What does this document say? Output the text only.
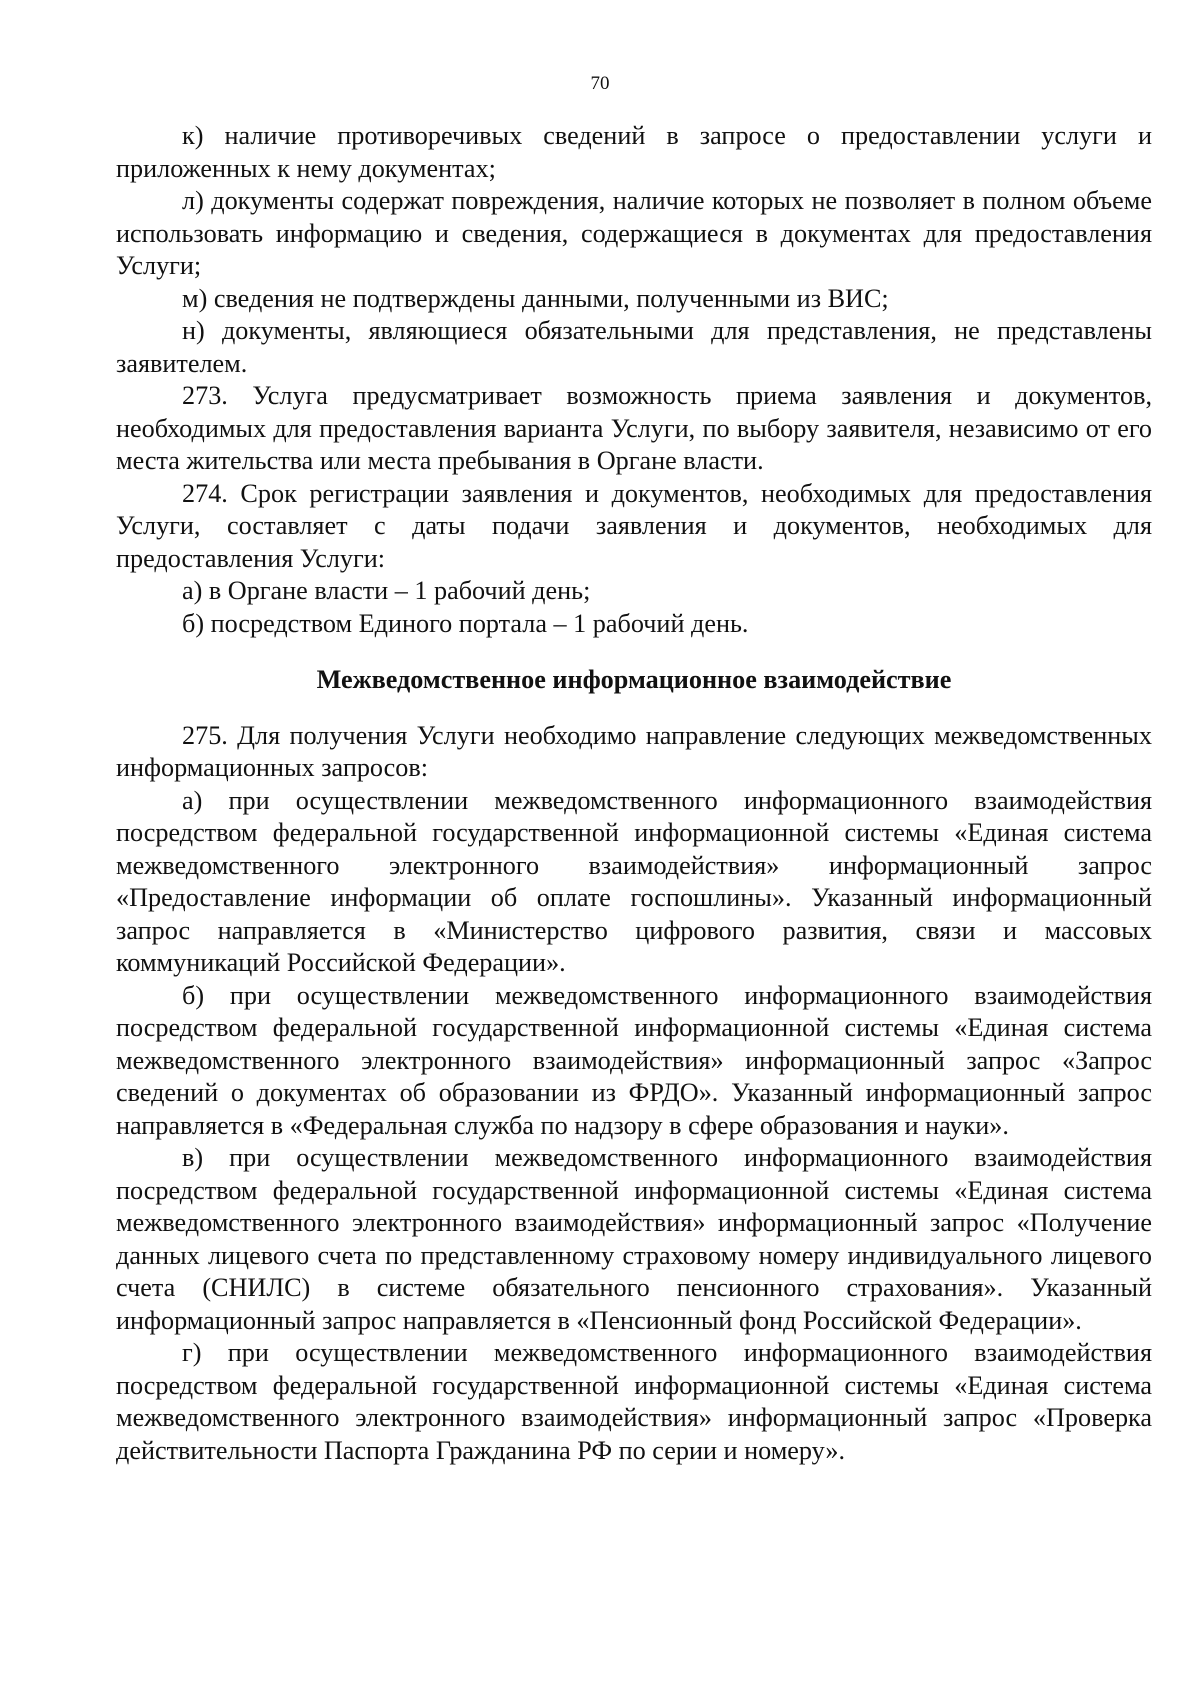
70

к) наличие противоречивых сведений в запросе о предоставлении услуги и приложенных к нему документах;

л) документы содержат повреждения, наличие которых не позволяет в полном объеме использовать информацию и сведения, содержащиеся в документах для предоставления Услуги;

м) сведения не подтверждены данными, полученными из ВИС;

н) документы, являющиеся обязательными для представления, не представлены заявителем.

273. Услуга предусматривает возможность приема заявления и документов, необходимых для предоставления варианта Услуги, по выбору заявителя, независимо от его места жительства или места пребывания в Органе власти.

274. Срок регистрации заявления и документов, необходимых для предоставления Услуги, составляет с даты подачи заявления и документов, необходимых для предоставления Услуги:

а) в Органе власти – 1 рабочий день;

б) посредством Единого портала – 1 рабочий день.

Межведомственное информационное взаимодействие

275. Для получения Услуги необходимо направление следующих межведомственных информационных запросов:

а) при осуществлении межведомственного информационного взаимодействия посредством федеральной государственной информационной системы «Единая система межведомственного электронного взаимодействия» информационный запрос «Предоставление информации об оплате госпошлины». Указанный информационный запрос направляется в «Министерство цифрового развития, связи и массовых коммуникаций Российской Федерации».

б) при осуществлении межведомственного информационного взаимодействия посредством федеральной государственной информационной системы «Единая система межведомственного электронного взаимодействия» информационный запрос «Запрос сведений о документах об образовании из ФРДО». Указанный информационный запрос направляется в «Федеральная служба по надзору в сфере образования и науки».

в) при осуществлении межведомственного информационного взаимодействия посредством федеральной государственной информационной системы «Единая система межведомственного электронного взаимодействия» информационный запрос «Получение данных лицевого счета по представленному страховому номеру индивидуального лицевого счета (СНИЛС) в системе обязательного пенсионного страхования». Указанный информационный запрос направляется в «Пенсионный фонд Российской Федерации».

г) при осуществлении межведомственного информационного взаимодействия посредством федеральной государственной информационной системы «Единая система межведомственного электронного взаимодействия» информационный запрос «Проверка действительности Паспорта Гражданина РФ по серии и номеру».
